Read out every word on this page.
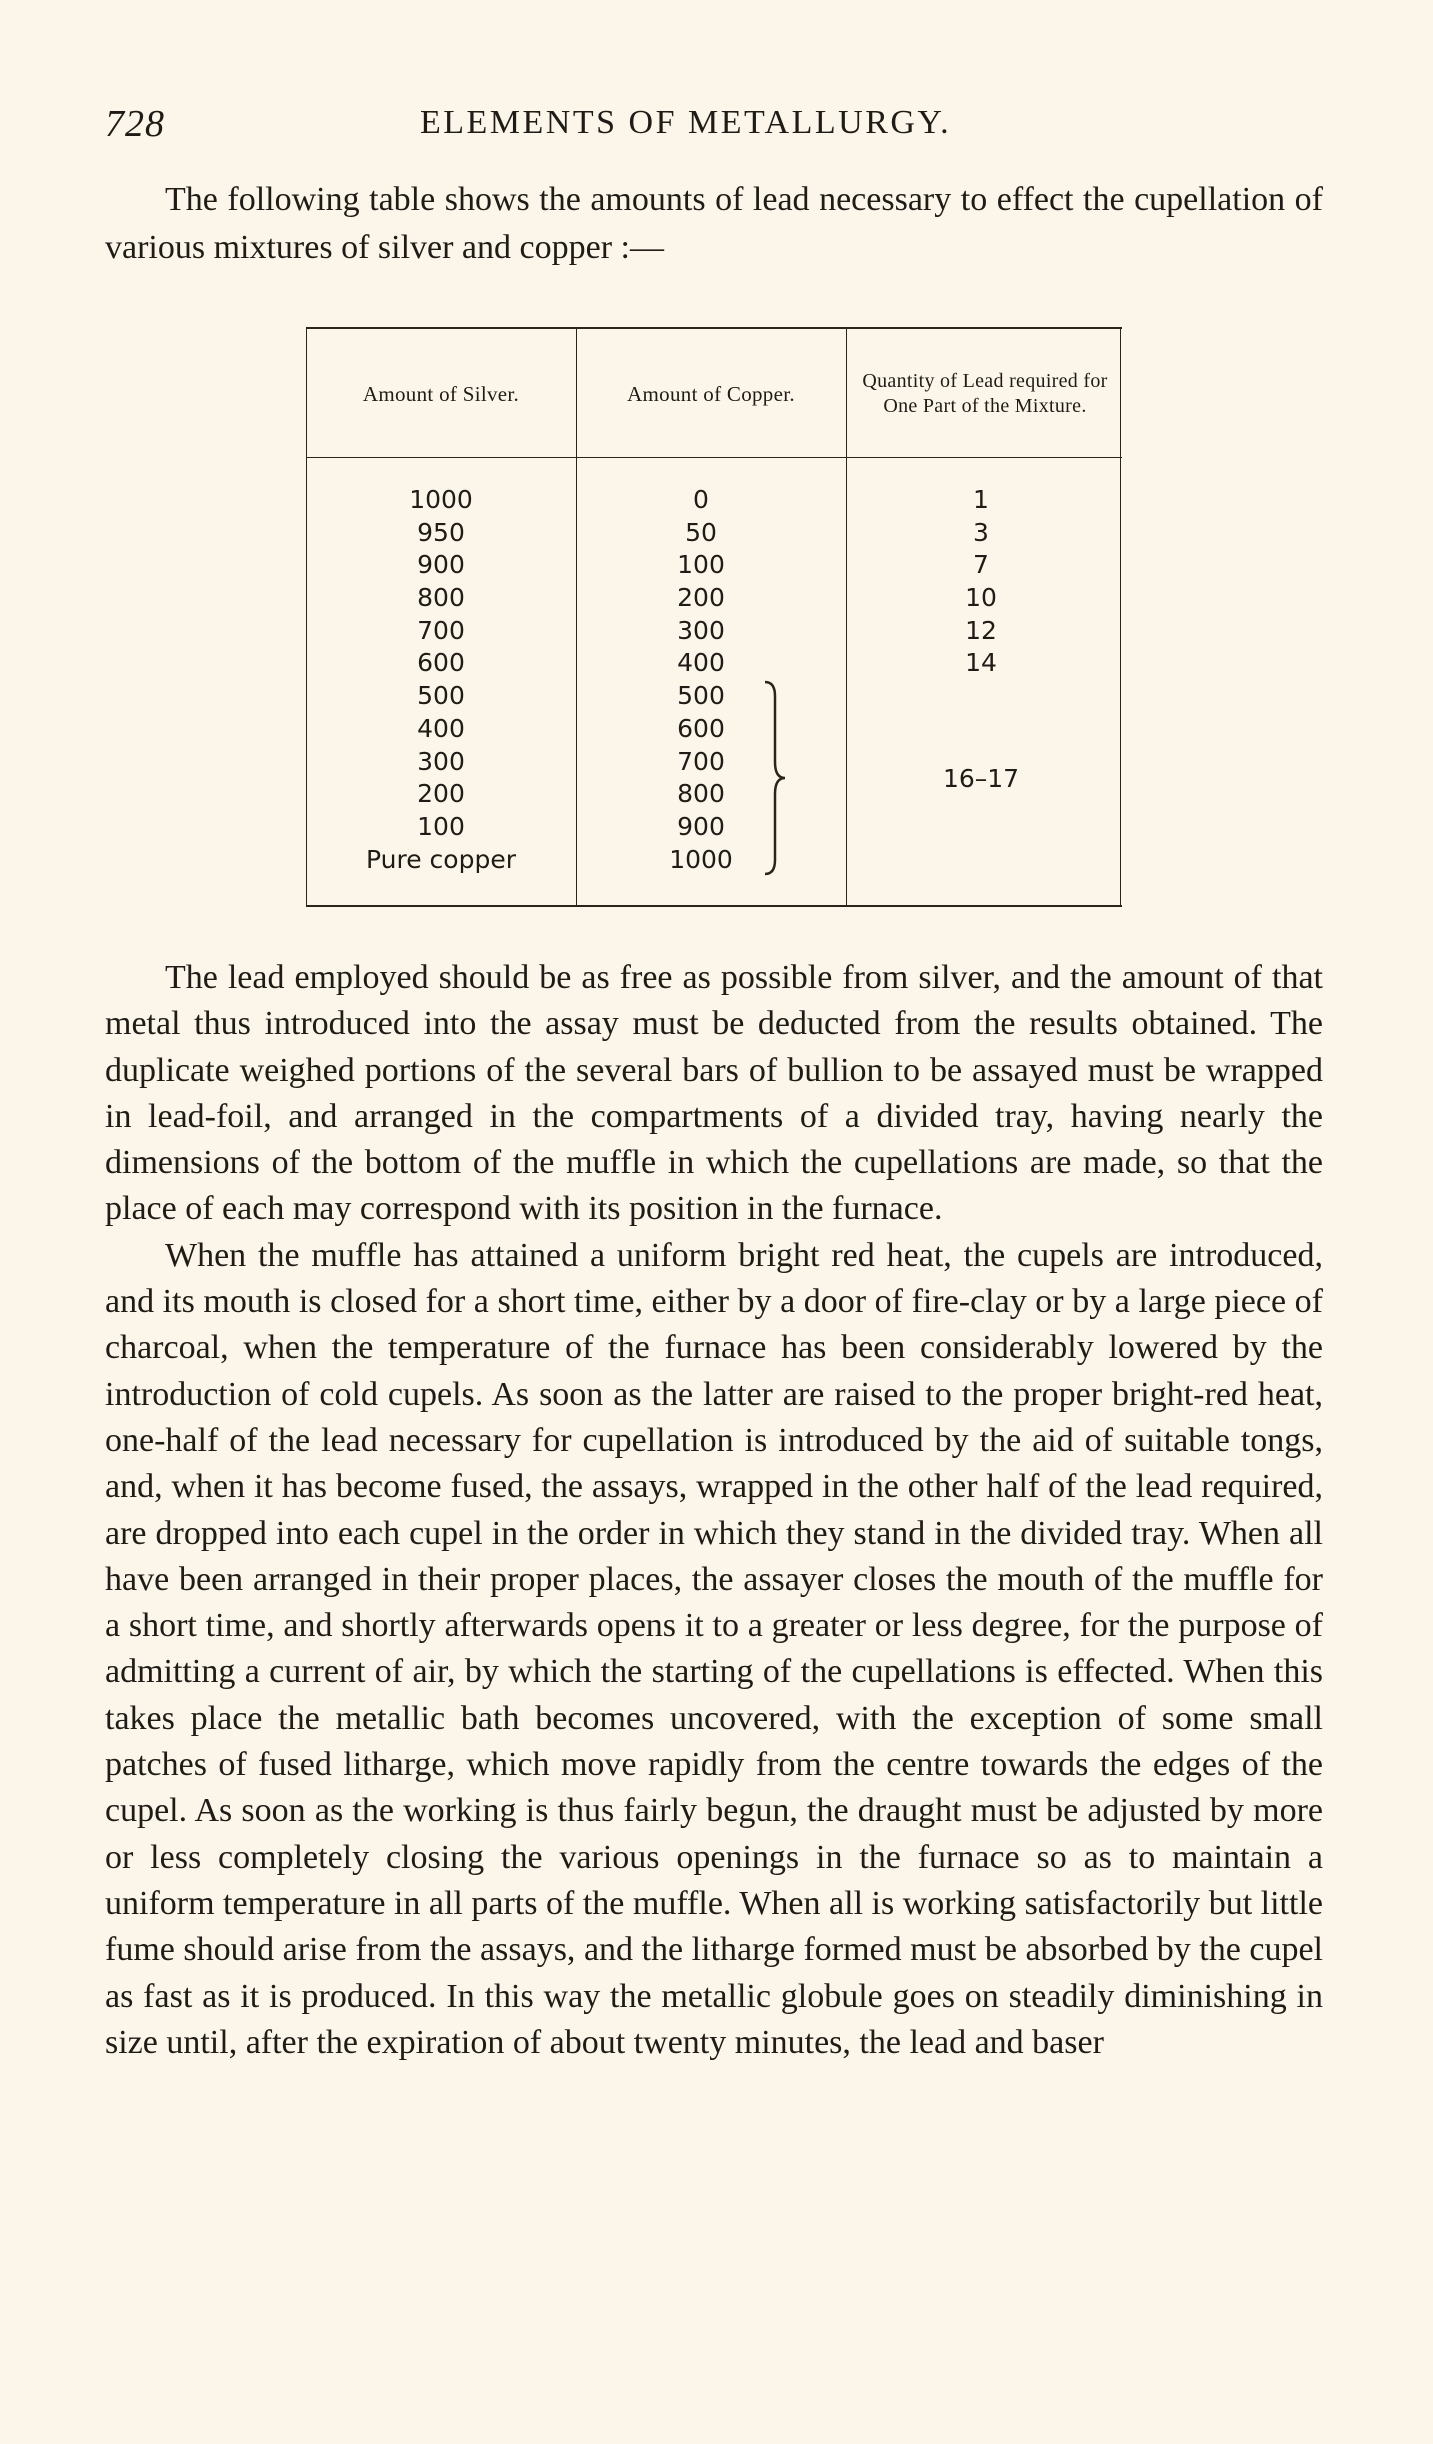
728	ELEMENTS OF METALLURGY.

The following table shows the amounts of lead necessary to effect the cupellation of various mixtures of silver and copper :—

Amount of Silver.	Amount of Copper.
Quantity of Lead required for One Part of the Mixture.
1000
950
900
800
700
600
500
400
300
200
100
Pure copper
0
50
100
200
300
400
500
600
700
800
900
1000
1
3
7
10
12
14
16–17

The lead employed should be as free as possible from silver, and the amount of that metal thus introduced into the assay must be deducted from the results obtained. The duplicate weighed portions of the several bars of bullion to be assayed must be wrapped in lead-foil, and arranged in the compartments of a divided tray, having nearly the dimensions of the bottom of the muffle in which the cupellations are made, so that the place of each may correspond with its position in the furnace.

When the muffle has attained a uniform bright red heat, the cupels are introduced, and its mouth is closed for a short time, either by a door of fire-clay or by a large piece of charcoal, when the temperature of the furnace has been considerably lowered by the introduction of cold cupels. As soon as the latter are raised to the proper bright-red heat, one-half of the lead necessary for cupellation is introduced by the aid of suitable tongs, and, when it has become fused, the assays, wrapped in the other half of the lead required, are dropped into each cupel in the order in which they stand in the divided tray. When all have been arranged in their proper places, the assayer closes the mouth of the muffle for a short time, and shortly afterwards opens it to a greater or less degree, for the purpose of admitting a current of air, by which the starting of the cupellations is effected. When this takes place the metallic bath becomes uncovered, with the exception of some small patches of fused litharge, which move rapidly from the centre towards the edges of the cupel. As soon as the working is thus fairly begun, the draught must be adjusted by more or less completely closing the various openings in the furnace so as to maintain a uniform temperature in all parts of the muffle. When all is working satisfactorily but little fume should arise from the assays, and the litharge formed must be absorbed by the cupel as fast as it is produced. In this way the metallic globule goes on steadily diminishing in size until, after the expiration of about twenty minutes, the lead and baser
